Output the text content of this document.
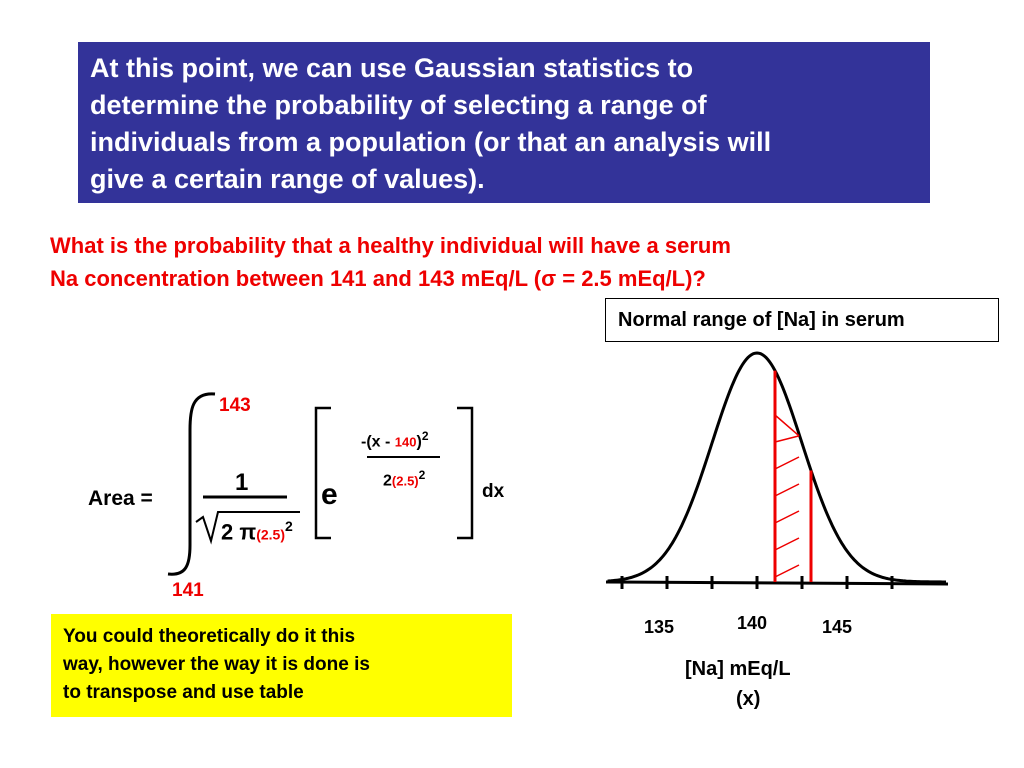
At this point, we can use Gaussian statistics to
determine the probability of selecting a range of
individuals from a population (or that an analysis will
give a certain range of values).
What is the probability that a healthy individual will have a serum
Na concentration between 141 and 143 mEq/L (σ = 2.5 mEq/L)?
Normal range of [Na] in serum
143
141
Area =
1
2 $\pi(2.5)^2$
e
-(x - 140)$^2$
$2(2.5)^2$
dx
135	140	145
[Na] mEq/L
(x)
You could theoretically do it this
way, however the way it is done is
to transpose and use table
